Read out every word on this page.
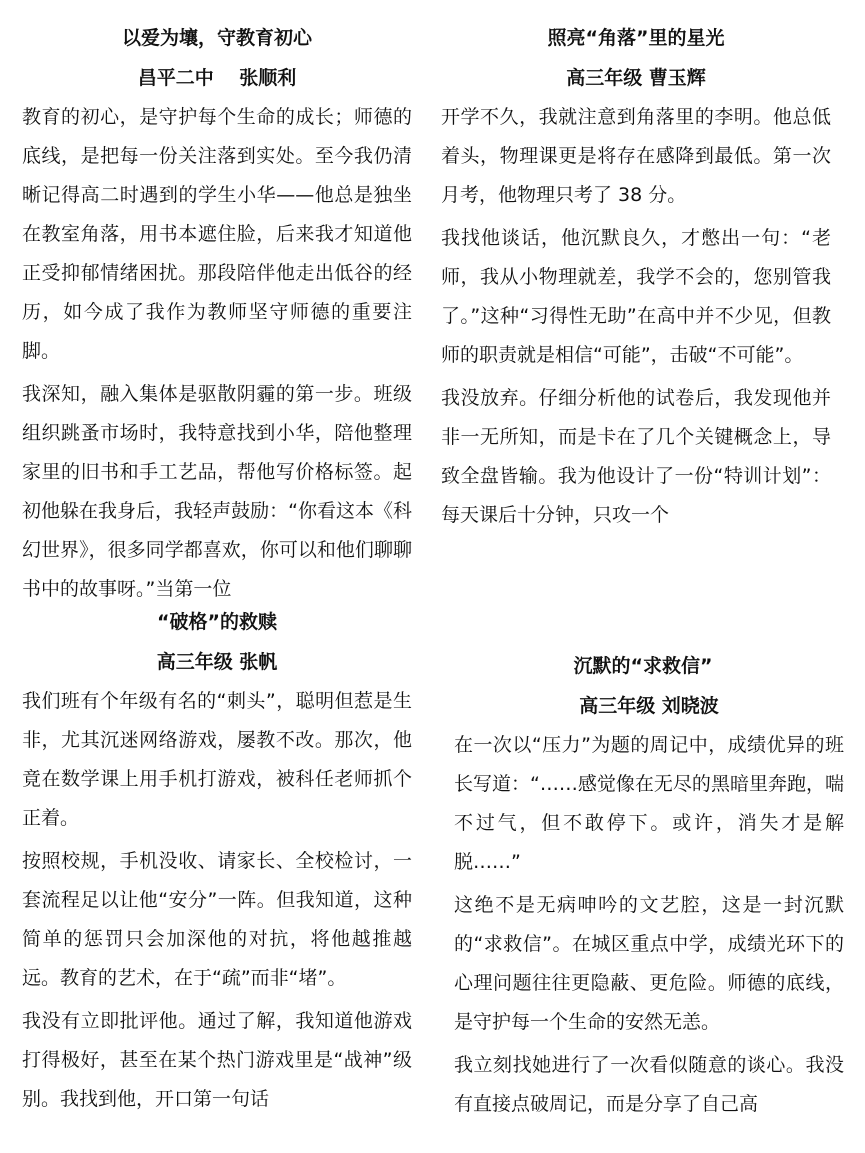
以爱为壤，守教育初心
昌平二中　 张顺利

教育的初心，是守护每个生命的成长；师德的底线，是把每一份关注落到实处。至今我仍清晰记得高二时遇到的学生小华——他总是独坐在教室角落，用书本遮住脸，后来我才知道他正受抑郁情绪困扰。那段陪伴他走出低谷的经历，如今成了我作为教师坚守师德的重要注脚。

我深知，融入集体是驱散阴霾的第一步。班级组织跳蚤市场时，我特意找到小华，陪他整理家里的旧书和手工艺品，帮他写价格标签。起初他躲在我身后，我轻声鼓励：“你看这本《科幻世界》，很多同学都喜欢，你可以和他们聊聊书中的故事呀。”当第一位

照亮“角落”里的星光
高三年级 曹玉辉

开学不久，我就注意到角落里的李明。他总低着头，物理课更是将存在感降到最低。第一次月考，他物理只考了 38 分。

我找他谈话，他沉默良久，才憋出一句：“老师，我从小物理就差，我学不会的，您别管我了。”这种“习得性无助”在高中并不少见，但教师的职责就是相信“可能”，击破“不可能”。

我没放弃。仔细分析他的试卷后，我发现他并非一无所知，而是卡在了几个关键概念上，导致全盘皆输。我为他设计了一份“特训计划”：每天课后十分钟，只攻一个

“破格”的救赎
高三年级 张帆

我们班有个年级有名的“刺头”，聪明但惹是生非，尤其沉迷网络游戏，屡教不改。那次，他竟在数学课上用手机打游戏，被科任老师抓个正着。

按照校规，手机没收、请家长、全校检讨，一套流程足以让他“安分”一阵。但我知道，这种简单的惩罚只会加深他的对抗，将他越推越远。教育的艺术，在于“疏”而非“堵”。

我没有立即批评他。通过了解，我知道他游戏打得极好，甚至在某个热门游戏里是“战神”级别。我找到他，开口第一句话

沉默的“求救信”
高三年级 刘晓波

在一次以“压力”为题的周记中，成绩优异的班长写道：“……感觉像在无尽的黑暗里奔跑，喘不过气，但不敢停下。或许，消失才是解脱……”

这绝不是无病呻吟的文艺腔，这是一封沉默的“求救信”。在城区重点中学，成绩光环下的心理问题往往更隐蔽、更危险。师德的底线，是守护每一个生命的安然无恙。

我立刻找她进行了一次看似随意的谈心。我没有直接点破周记，而是分享了自己高
